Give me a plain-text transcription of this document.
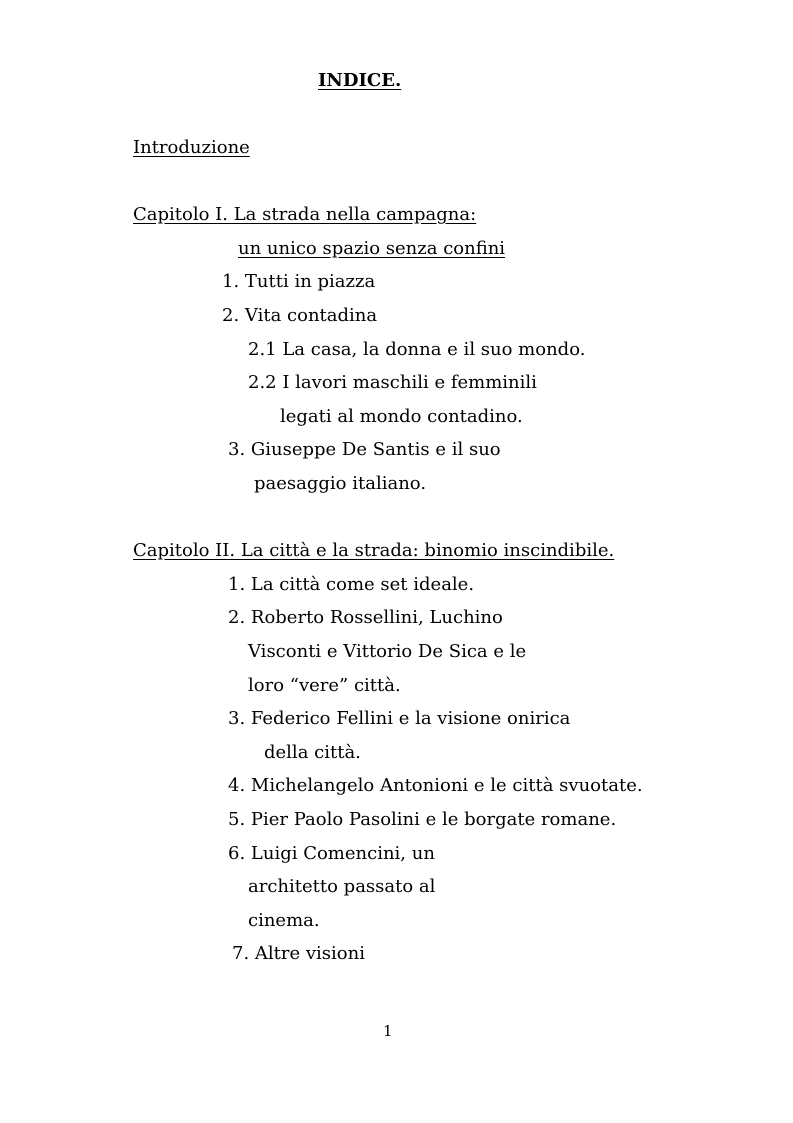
INDICE.
Introduzione
Capitolo I. La strada nella campagna:
un unico spazio senza confini
1. Tutti in piazza
2. Vita contadina
2.1 La casa, la donna e il suo mondo.
2.2 I lavori maschili e femminili
legati al mondo contadino.
3. Giuseppe De Santis e il suo
paesaggio italiano.
Capitolo II. La città e la strada: binomio inscindibile.
1. La città come set ideale.
2. Roberto Rossellini, Luchino
Visconti e Vittorio De Sica e le
loro “vere” città.
3. Federico Fellini e la visione onirica
della città.
4. Michelangelo Antonioni e le città svuotate.
5. Pier Paolo Pasolini e le borgate romane.
6. Luigi Comencini, un
architetto passato al
cinema.
7. Altre visioni
1
